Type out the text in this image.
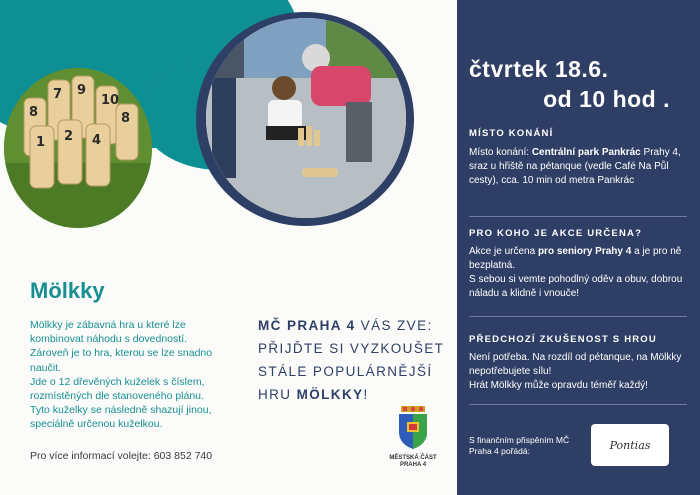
8
7 9
10
8
1 2 4
Mölkky

Mölkky je zábavná hra u které lze kombinovat náhodu s dovedností.

Zároveň je to hra, kterou se lze snadno naučit.

Jde o 12 dřevěných kuželek s číslem, rozmístěných dle stanoveného plánu.

Tyto kuželky se následně shazují jinou, speciálně určenou kuželkou.

Pro více informací volejte: 603 852 740
MČ PRAHA 4 VÁS ZVE: PŘIJĎTE SI VYZKOUŠET STÁLE POPULÁRNĚJŠÍ HRU MÖLKKY!
MĚSTSKÁ ČÁST
PRAHA 4
čtvrtek 18.6.
od 10 hod .
MÍSTO KONÁNÍ
Místo konání: Centrální park Pankrác Prahy 4, sraz u hřiště na pétanque (vedle Café Na Půl cesty), cca. 10 min od metra Pankrác
PRO KOHO JE AKCE URČENA?
Akce je určena pro seniory Prahy 4 a je pro ně bezplatná.
S sebou si vemte pohodlný oděv a obuv, dobrou náladu a klidně i vnouče!
PŘEDCHOZÍ ZKUŠENOST S HROU
Není potřeba. Na rozdíl od pétanque, na Mölkky nepotřebujete sílu!
Hrát Mölkky může opravdu téměř každý!
S finančním přispěním MČ Praha 4 pořádá:	Pontias
